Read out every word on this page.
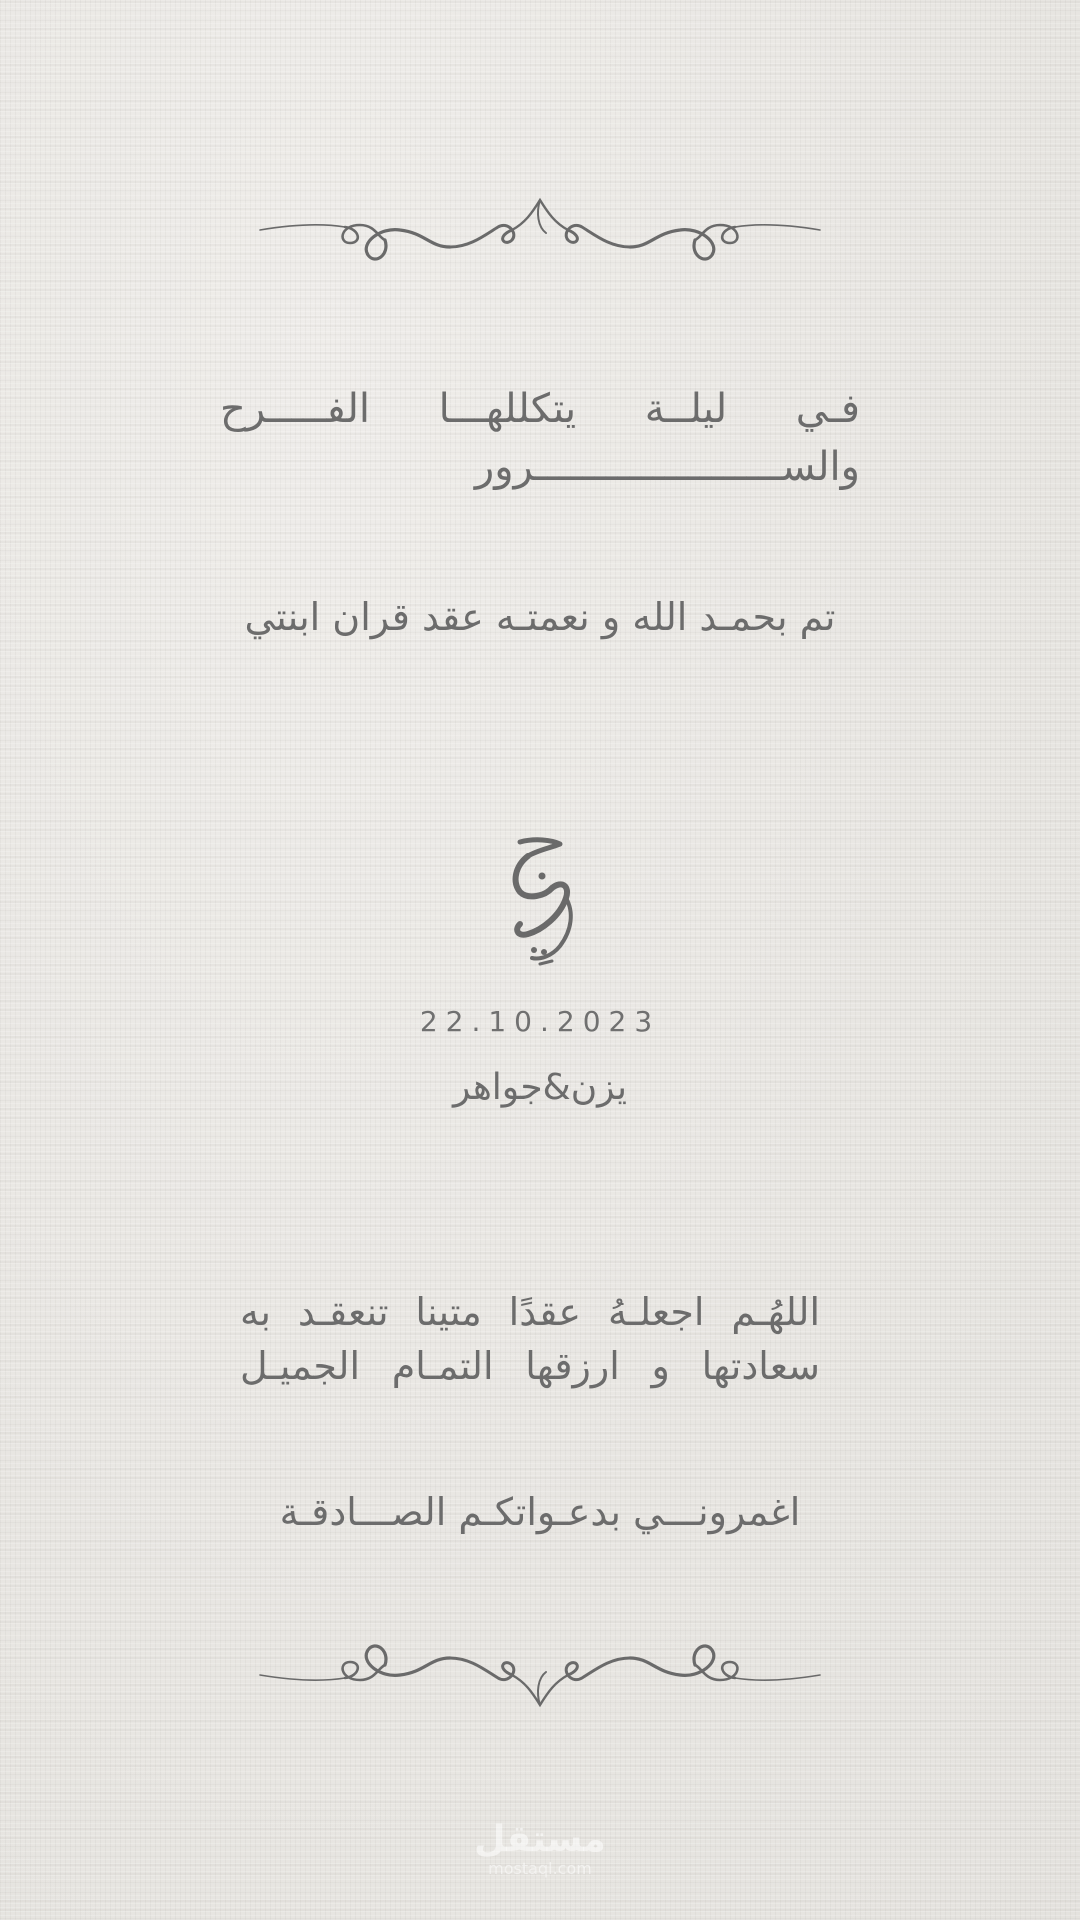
فـي ليلــة يتكللهـــا الفـــــرح
والســـــــــــــــــــــرور
تم بحمـد الله و نعمتـه عقد قران ابنتي
22.10.2023
يزن&جواهر
اللهُـم اجعلـهُ عقدًا متينا تنعقـد به
سعادتها و ارزقها التمـام الجميـل
اغمرونـــي بدعـواتكـم الصـــادقـة
مستقل
mostaql.com
